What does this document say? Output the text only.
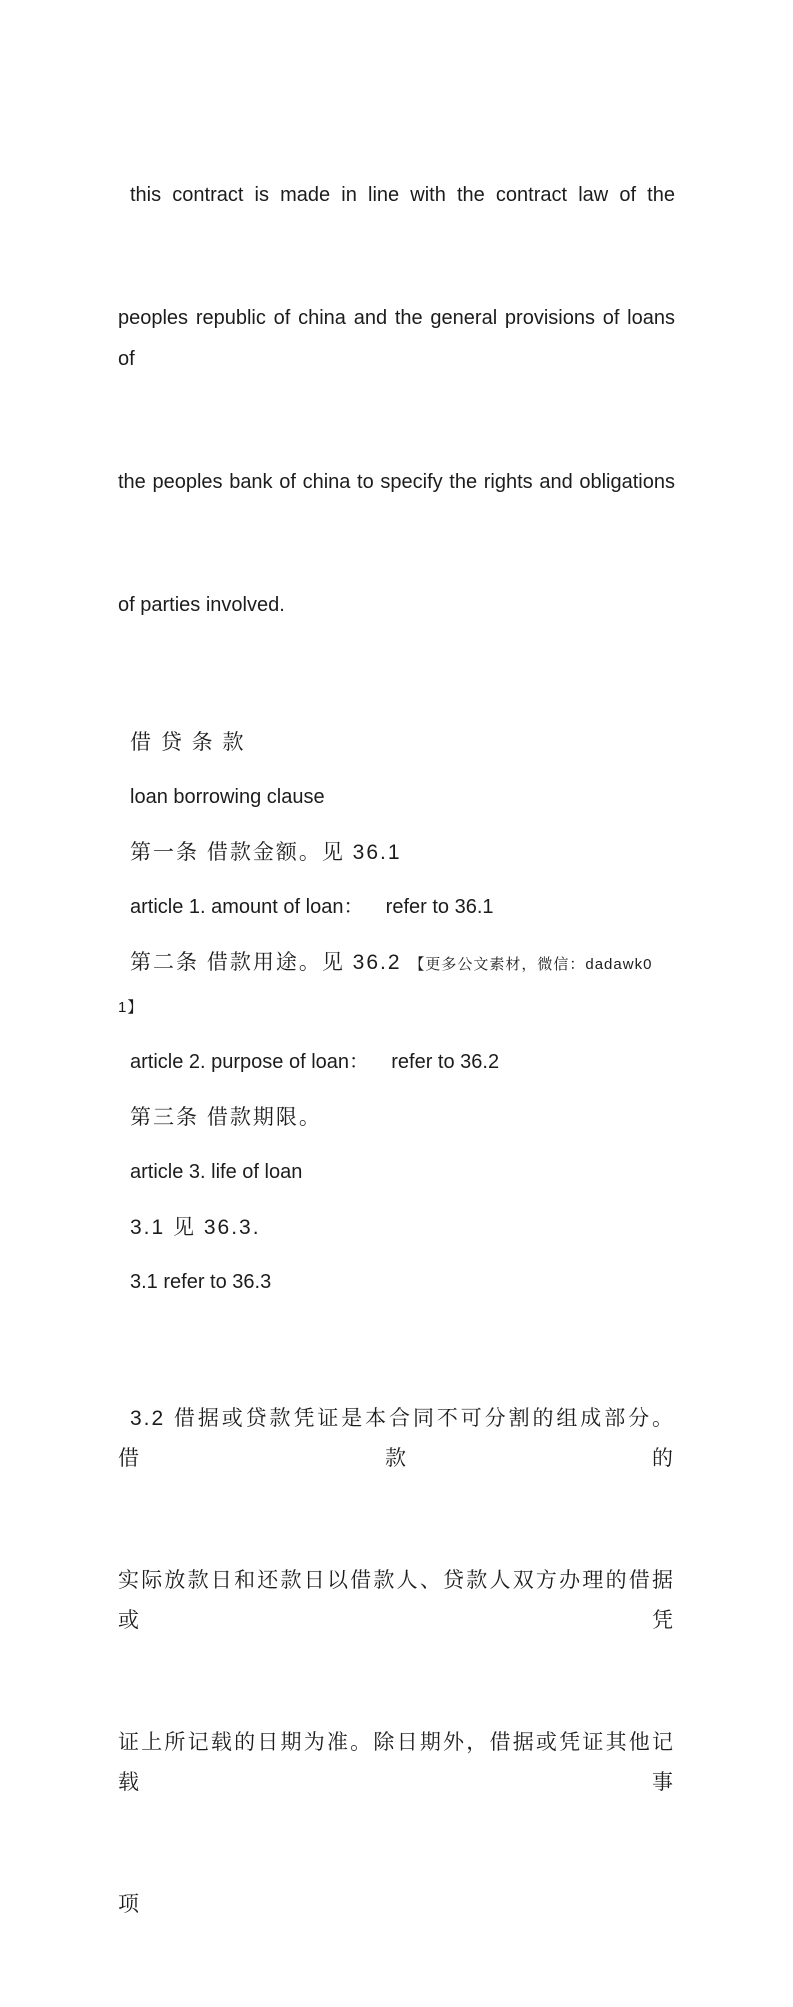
this contract is made in line with the contract law of the

peoples republic of china and the general provisions of loans of

the peoples bank of china to specify the rights and obligations

of parties involved.

借 贷 条 款

loan borrowing clause

第一条 借款金额。见 36.1

article 1. amount of loan：    refer to 36.1

第二条 借款用途。见 36.2 【更多公文素材，微信：dadawk0 1】

article 2. purpose of loan：    refer to 36.2

第三条 借款期限。

article 3. life of loan

3.1 见 36.3.

3.1 refer to 36.3

3.2 借据或贷款凭证是本合同不可分割的组成部分。借款的

实际放款日和还款日以借款人、贷款人双方办理的借据或凭

证上所记载的日期为准。除日期外，借据或凭证其他记载事

项
